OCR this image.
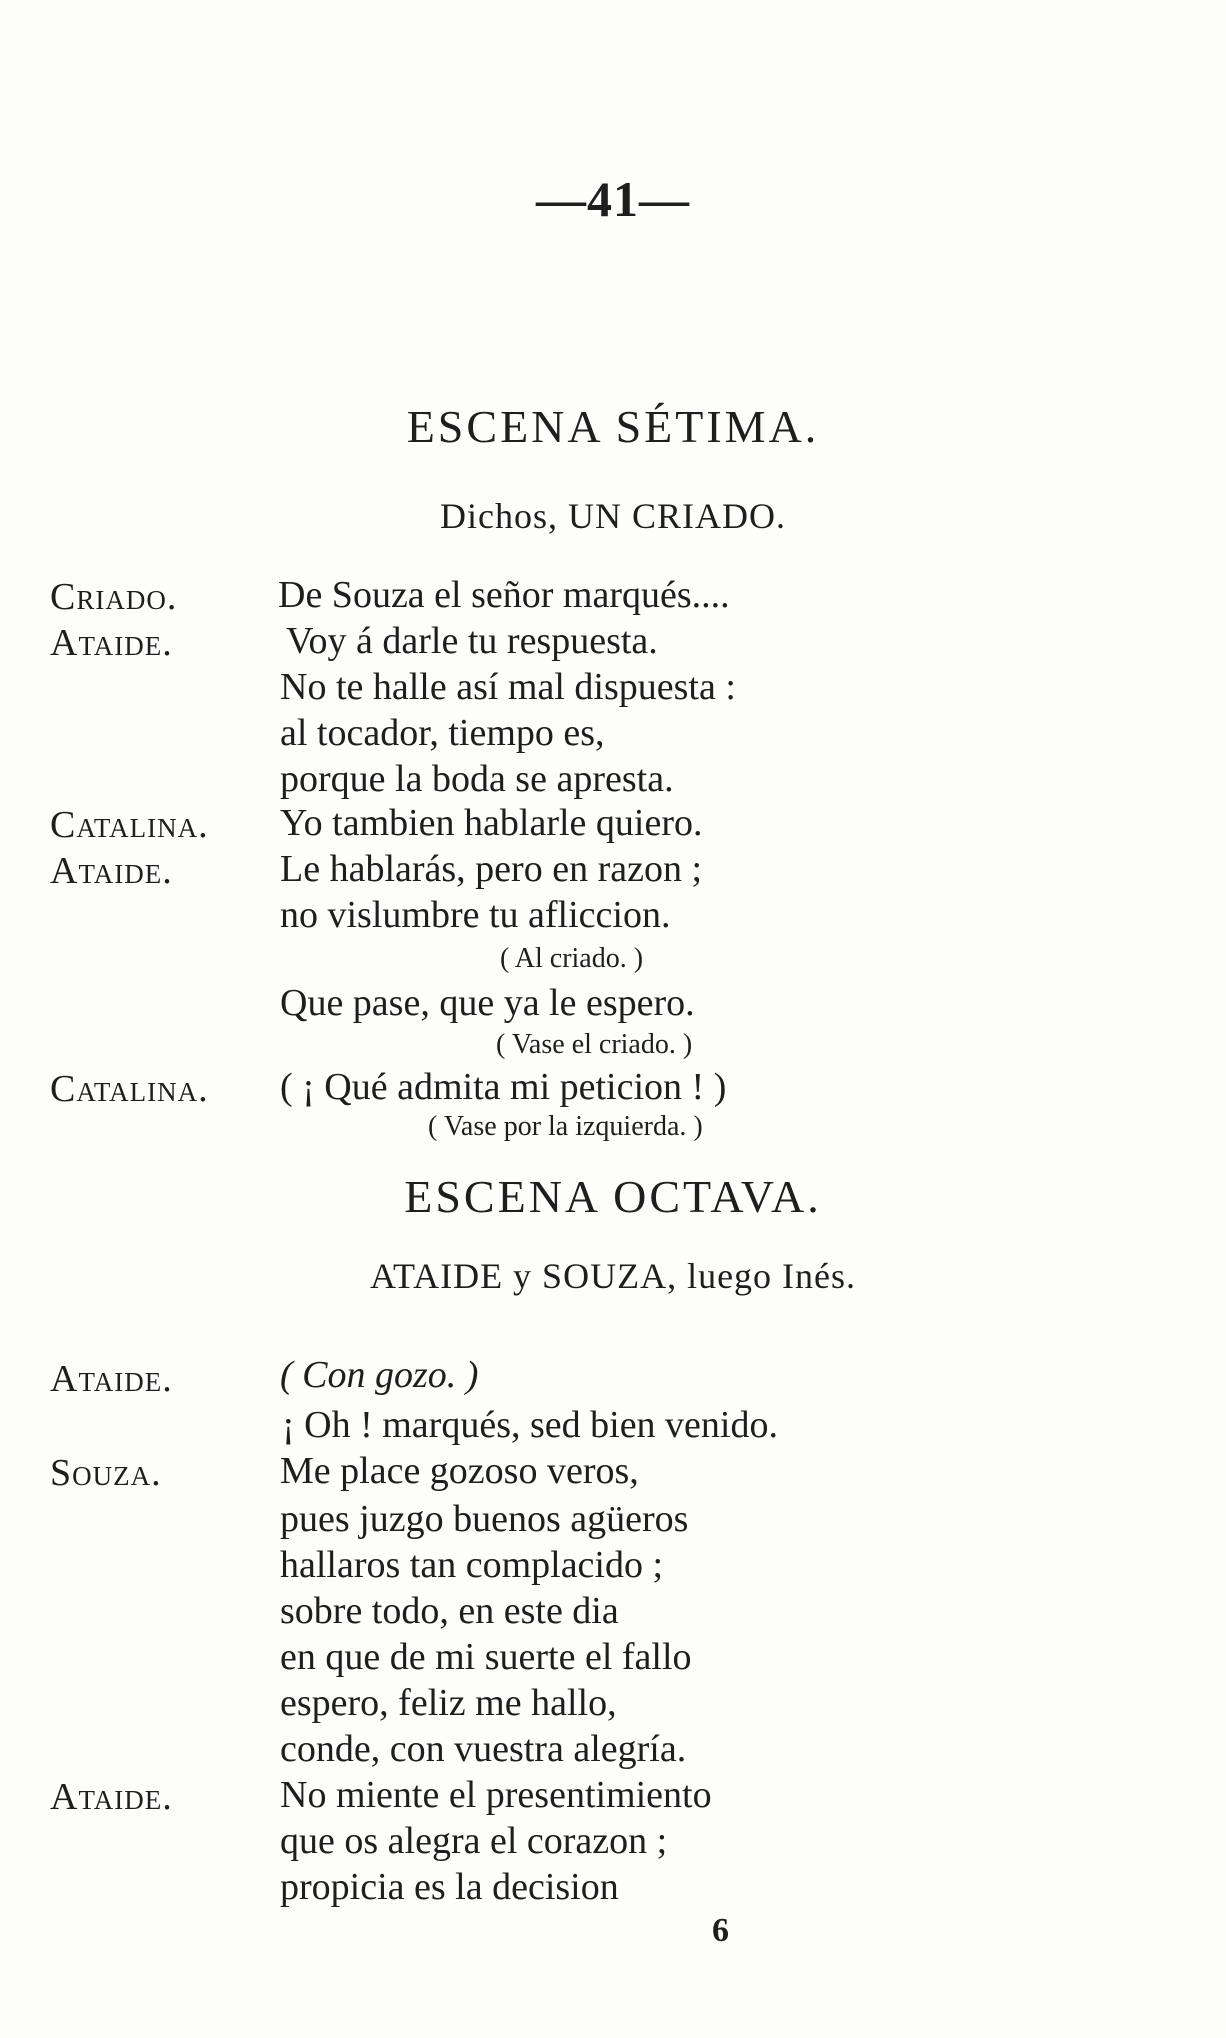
—41—
ESCENA SÉTIMA.
Dichos, UN CRIADO.
Criado.	De Souza el señor marqués....
Ataide.	Voy á darle tu respuesta.
No te halle así mal dispuesta :
al tocador, tiempo es,
porque la boda se apresta.
Catalina. Yo tambien hablarle quiero.
Ataide.	Le hablarás, pero en razon ;
no vislumbre tu afliccion.
( Al criado. )
Que pase, que ya le espero.
( Vase el criado. )
Catalina. ( ¡ Qué admita mi peticion ! )
( Vase por la izquierda. )
ESCENA OCTAVA.
ATAIDE y SOUZA, luego Inés.
Ataide.	( Con gozo. )
¡ Oh ! marqués, sed bien venido.
Souza.	Me place gozoso veros,
pues juzgo buenos agüeros
hallaros tan complacido ;
sobre todo, en este dia
en que de mi suerte el fallo
espero, feliz me hallo,
conde, con vuestra alegría.
Ataide.	No miente el presentimiento
que os alegra el corazon ;
propicia es la decision
6
